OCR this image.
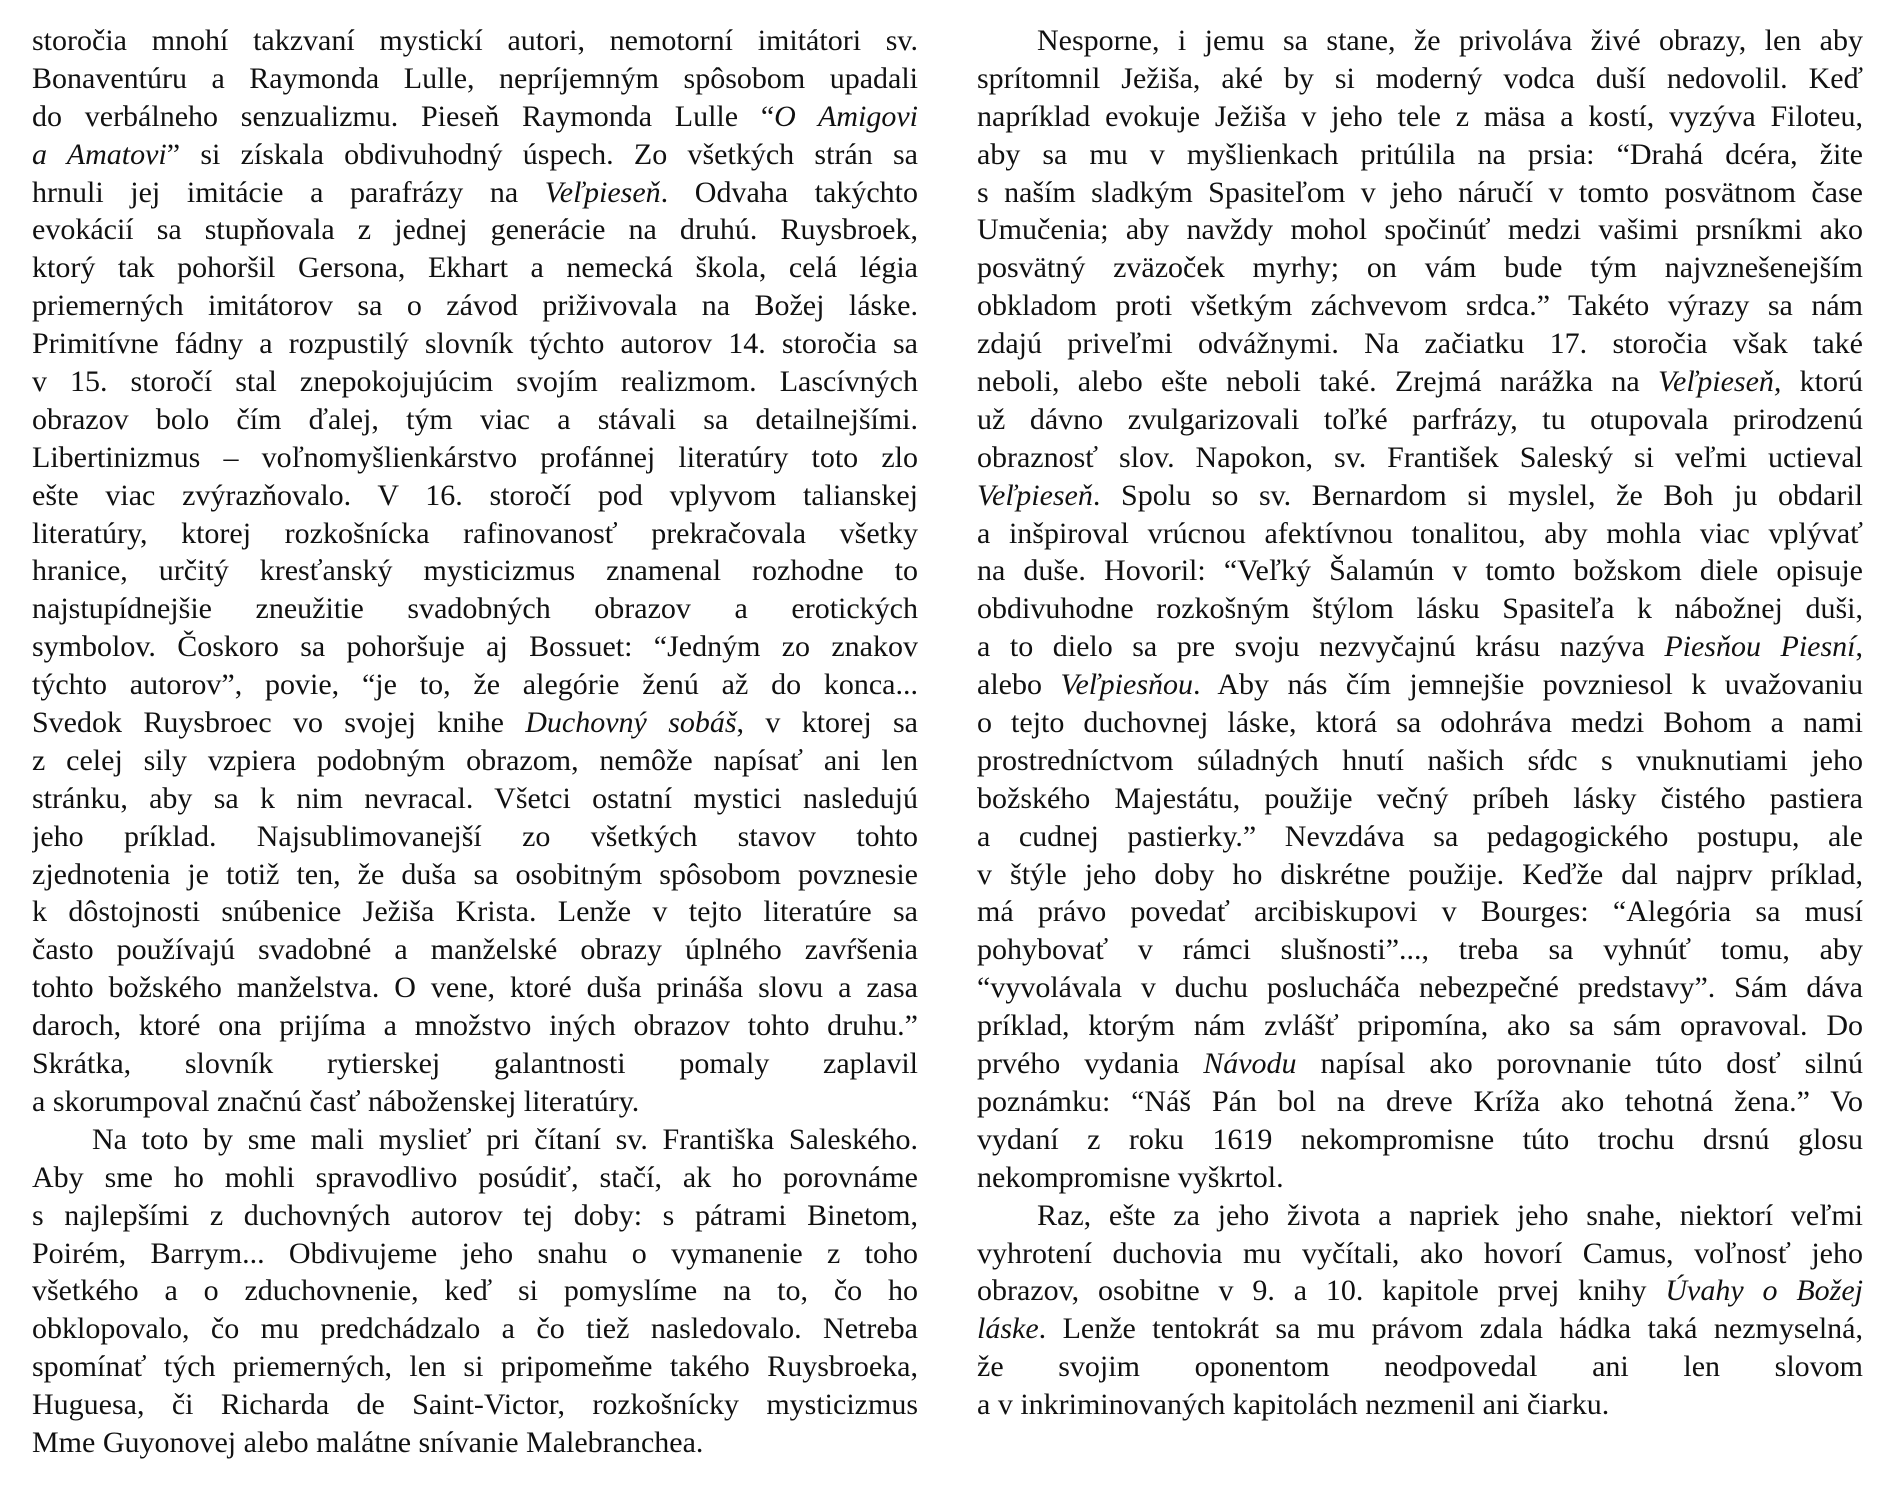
storočia mnohí takzvaní mystickí autori, nemotorní imitátori sv.
Bonaventúru a Raymonda Lulle, nepríjemným spôsobom upadali
do verbálneho senzualizmu. Pieseň Raymonda Lulle “O Amigovi
a Amatovi” si získala obdivuhodný úspech. Zo všetkých strán sa
hrnuli jej imitácie a parafrázy na Veľpieseň. Odvaha takýchto
evokácií sa stupňovala z jednej generácie na druhú. Ruysbroek,
ktorý tak pohoršil Gersona, Ekhart a nemecká škola, celá légia
priemerných imitátorov sa o závod priživovala na Božej láske.
Primitívne fádny a rozpustilý slovník týchto autorov 14. storočia sa
v 15. storočí stal znepokojujúcim svojím realizmom. Lascívných
obrazov bolo čím ďalej, tým viac a stávali sa detailnejšími.
Libertinizmus – voľnomyšlienkárstvo profánnej literatúry toto zlo
ešte viac zvýrazňovalo. V 16. storočí pod vplyvom talianskej
literatúry, ktorej rozkošnícka rafinovanosť prekračovala všetky
hranice, určitý kresťanský mysticizmus znamenal rozhodne to
najstupídnejšie zneužitie svadobných obrazov a erotických
symbolov. Čoskoro sa pohoršuje aj Bossuet: “Jedným zo znakov
týchto autorov”, povie, “je to, že alegórie ženú až do konca...
Svedok Ruysbroec vo svojej knihe Duchovný sobáš, v ktorej sa
z celej sily vzpiera podobným obrazom, nemôže napísať ani len
stránku, aby sa k nim nevracal. Všetci ostatní mystici nasledujú
jeho príklad. Najsublimovanejší zo všetkých stavov tohto
zjednotenia je totiž ten, že duša sa osobitným spôsobom povznesie
k dôstojnosti snúbenice Ježiša Krista. Lenže v tejto literatúre sa
často používajú svadobné a manželské obrazy úplného zavŕšenia
tohto božského manželstva. O vene, ktoré duša prináša slovu a zasa
daroch, ktoré ona prijíma a množstvo iných obrazov tohto druhu.”
Skrátka, slovník rytierskej galantnosti pomaly zaplavil
a skorumpoval značnú časť náboženskej literatúry.
Na toto by sme mali myslieť pri čítaní sv. Františka Saleského.
Aby sme ho mohli spravodlivo posúdiť, stačí, ak ho porovnáme
s najlepšími z duchovných autorov tej doby: s pátrami Binetom,
Poirém, Barrym... Obdivujeme jeho snahu o vymanenie z toho
všetkého a o zduchovnenie, keď si pomyslíme na to, čo ho
obklopovalo, čo mu predchádzalo a čo tiež nasledovalo. Netreba
spomínať tých priemerných, len si pripomeňme takého Ruysbroeka,
Huguesa, či Richarda de Saint-Victor, rozkošnícky mysticizmus
Mme Guyonovej alebo malátne snívanie Malebranchea.
Nesporne, i jemu sa stane, že privoláva živé obrazy, len aby
sprítomnil Ježiša, aké by si moderný vodca duší nedovolil. Keď
napríklad evokuje Ježiša v jeho tele z mäsa a kostí, vyzýva Filoteu,
aby sa mu v myšlienkach pritúlila na prsia: “Drahá dcéra, žite
s naším sladkým Spasiteľom v jeho náručí v tomto posvätnom čase
Umučenia; aby navždy mohol spočinúť medzi vašimi prsníkmi ako
posvätný zväzoček myrhy; on vám bude tým najvznešenejším
obkladom proti všetkým záchvevom srdca.” Takéto výrazy sa nám
zdajú priveľmi odvážnymi. Na začiatku 17. storočia však také
neboli, alebo ešte neboli také. Zrejmá narážka na Veľpieseň, ktorú
už dávno zvulgarizovali toľké parfrázy, tu otupovala prirodzenú
obraznosť slov. Napokon, sv. František Saleský si veľmi uctieval
Veľpieseň. Spolu so sv. Bernardom si myslel, že Boh ju obdaril
a inšpiroval vrúcnou afektívnou tonalitou, aby mohla viac vplývať
na duše. Hovoril: “Veľký Šalamún v tomto božskom diele opisuje
obdivuhodne rozkošným štýlom lásku Spasiteľa k nábožnej duši,
a to dielo sa pre svoju nezvyčajnú krásu nazýva Piesňou Piesní,
alebo Veľpiesňou. Aby nás čím jemnejšie povzniesol k uvažovaniu
o tejto duchovnej láske, ktorá sa odohráva medzi Bohom a nami
prostredníctvom súladných hnutí našich sŕdc s vnuknutiami jeho
božského Majestátu, použije večný príbeh lásky čistého pastiera
a cudnej pastierky.” Nevzdáva sa pedagogického postupu, ale
v štýle jeho doby ho diskrétne použije. Keďže dal najprv príklad,
má právo povedať arcibiskupovi v Bourges: “Alegória sa musí
pohybovať v rámci slušnosti”..., treba sa vyhnúť tomu, aby
“vyvolávala v duchu poslucháča nebezpečné predstavy”. Sám dáva
príklad, ktorým nám zvlášť pripomína, ako sa sám opravoval. Do
prvého vydania Návodu napísal ako porovnanie túto dosť silnú
poznámku: “Náš Pán bol na dreve Kríža ako tehotná žena.” Vo
vydaní z roku 1619 nekompromisne túto trochu drsnú glosu
nekompromisne vyškrtol.
Raz, ešte za jeho života a napriek jeho snahe, niektorí veľmi
vyhrotení duchovia mu vyčítali, ako hovorí Camus, voľnosť jeho
obrazov, osobitne v 9. a 10. kapitole prvej knihy Úvahy o Božej
láske. Lenže tentokrát sa mu právom zdala hádka taká nezmyselná,
že svojim oponentom neodpovedal ani len slovom
a v inkriminovaných kapitolách nezmenil ani čiarku.
